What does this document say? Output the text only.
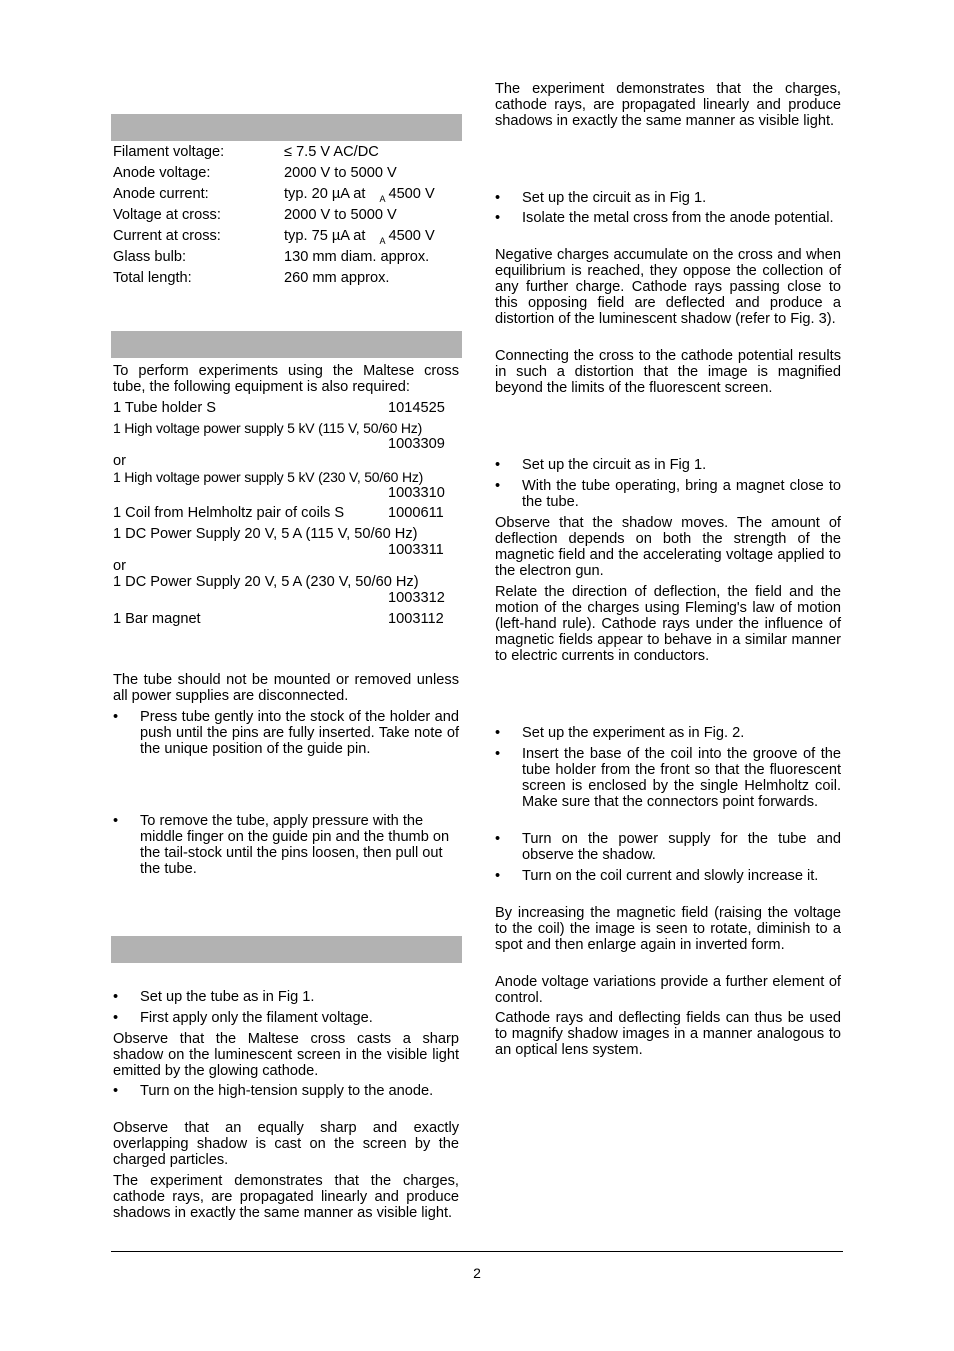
Filament voltage:	≤ 7.5 V AC/DC
Anode voltage:	2000 V to 5000 V
Anode current:	typ. 20 µA at $_A$ 4500 V
Voltage at cross:	2000 V to 5000 V
Current at cross:	typ. 75 µA at $_A$ 4500 V
Glass bulb:	130 mm diam. approx.
Total length:	260 mm approx.

To perform experiments using the Maltese cross tube, the following equipment is also required:

1 Tube holder S	1014525
1 High voltage power supply 5 kV (115 V, 50/60 Hz)
1003309
or
1 High voltage power supply 5 kV (230 V, 50/60 Hz)
1003310
1 Coil from Helmholtz pair of coils S	1000611
1 DC Power Supply 20 V, 5 A (115 V, 50/60 Hz)
1003311
or
1 DC Power Supply 20 V, 5 A (230 V, 50/60 Hz)
1003312
1 Bar magnet	1003112

The tube should not be mounted or removed unless all power supplies are disconnected.

•	Press tube gently into the stock of the holder and push until the pins are fully inserted. Take note of the unique position of the guide pin.

•	To remove the tube, apply pressure with the middle finger on the guide pin and the thumb on the tail-stock until the pins loosen, then pull out the tube.

•	Set up the tube as in Fig 1.

•	First apply only the filament voltage.

Observe that the Maltese cross casts a sharp shadow on the luminescent screen in the visible light emitted by the glowing cathode.

•	Turn on the high-tension supply to the anode.

Observe that an equally sharp and exactly overlapping shadow is cast on the screen by the charged particles.

The experiment demonstrates that the charges, cathode rays, are propagated linearly and produce shadows in exactly the same manner as visible light.

The experiment demonstrates that the charges, cathode rays, are propagated linearly and produce shadows in exactly the same manner as visible light.

•	Set up the circuit as in Fig 1.

•	Isolate the metal cross from the anode potential.

Negative charges accumulate on the cross and when equilibrium is reached, they oppose the collection of any further charge. Cathode rays passing close to this opposing field are deflected and produce a distortion of the luminescent shadow (refer to Fig. 3).

Connecting the cross to the cathode potential results in such a distortion that the image is magnified beyond the limits of the fluorescent screen.

•	Set up the circuit as in Fig 1.

•	With the tube operating, bring a magnet close to the tube.

Observe that the shadow moves. The amount of deflection depends on both the strength of the magnetic field and the accelerating voltage applied to the electron gun.

Relate the direction of deflection, the field and the motion of the charges using Fleming's law of motion (left-hand rule). Cathode rays under the influence of magnetic fields appear to behave in a similar manner to electric currents in conductors.

•	Set up the experiment as in Fig. 2.

•	Insert the base of the coil into the groove of the tube holder from the front so that the fluorescent screen is enclosed by the single Helmholtz coil. Make sure that the connectors point forwards.

•	Turn on the power supply for the tube and observe the shadow.

•	Turn on the coil current and slowly increase it.

By increasing the magnetic field (raising the voltage to the coil) the image is seen to rotate, diminish to a spot and then enlarge again in inverted form.

Anode voltage variations provide a further element of control.

Cathode rays and deflecting fields can thus be used to magnify shadow images in a manner analogous to an optical lens system.

2
